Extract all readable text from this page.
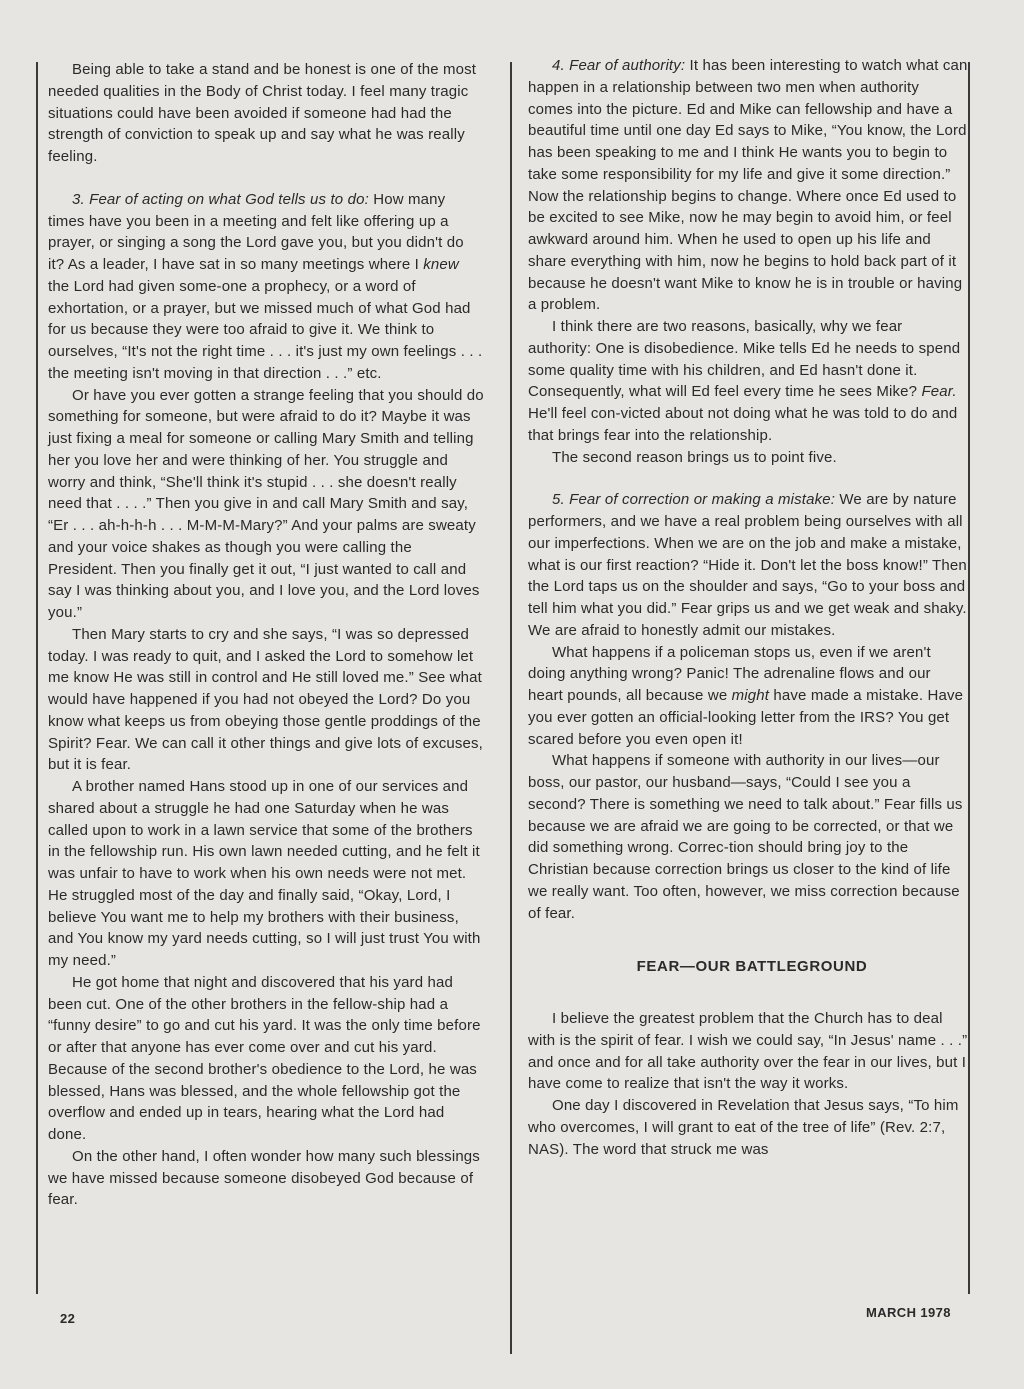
Being able to take a stand and be honest is one of the most needed qualities in the Body of Christ today. I feel many tragic situations could have been avoided if someone had had the strength of conviction to speak up and say what he was really feeling.

3. Fear of acting on what God tells us to do: How many times have you been in a meeting and felt like offering up a prayer, or singing a song the Lord gave you, but you didn't do it? As a leader, I have sat in so many meetings where I knew the Lord had given some-one a prophecy, or a word of exhortation, or a prayer, but we missed much of what God had for us because they were too afraid to give it. We think to ourselves, “It's not the right time . . . it's just my own feelings . . . the meeting isn't moving in that direction . . .” etc.

Or have you ever gotten a strange feeling that you should do something for someone, but were afraid to do it? Maybe it was just fixing a meal for someone or calling Mary Smith and telling her you love her and were thinking of her. You struggle and worry and think, “She'll think it's stupid . . . she doesn't really need that . . . .” Then you give in and call Mary Smith and say, “Er . . . ah-h-h-h . . . M-M-M-Mary?” And your palms are sweaty and your voice shakes as though you were calling the President. Then you finally get it out, “I just wanted to call and say I was thinking about you, and I love you, and the Lord loves you.”

Then Mary starts to cry and she says, “I was so depressed today. I was ready to quit, and I asked the Lord to somehow let me know He was still in control and He still loved me.” See what would have happened if you had not obeyed the Lord? Do you know what keeps us from obeying those gentle proddings of the Spirit? Fear. We can call it other things and give lots of excuses, but it is fear.

A brother named Hans stood up in one of our services and shared about a struggle he had one Saturday when he was called upon to work in a lawn service that some of the brothers in the fellowship run. His own lawn needed cutting, and he felt it was unfair to have to work when his own needs were not met. He struggled most of the day and finally said, “Okay, Lord, I believe You want me to help my brothers with their business, and You know my yard needs cutting, so I will just trust You with my need.”

He got home that night and discovered that his yard had been cut. One of the other brothers in the fellow-ship had a “funny desire” to go and cut his yard. It was the only time before or after that anyone has ever come over and cut his yard. Because of the second brother's obedience to the Lord, he was blessed, Hans was blessed, and the whole fellowship got the overflow and ended up in tears, hearing what the Lord had done.

On the other hand, I often wonder how many such blessings we have missed because someone disobeyed God because of fear.

4. Fear of authority: It has been interesting to watch what can happen in a relationship between two men when authority comes into the picture. Ed and Mike can fellowship and have a beautiful time until one day Ed says to Mike, “You know, the Lord has been speaking to me and I think He wants you to begin to take some responsibility for my life and give it some direction.” Now the relationship begins to change. Where once Ed used to be excited to see Mike, now he may begin to avoid him, or feel awkward around him. When he used to open up his life and share everything with him, now he begins to hold back part of it because he doesn't want Mike to know he is in trouble or having a problem.

I think there are two reasons, basically, why we fear authority: One is disobedience. Mike tells Ed he needs to spend some quality time with his children, and Ed hasn't done it. Consequently, what will Ed feel every time he sees Mike? Fear. He'll feel con-victed about not doing what he was told to do and that brings fear into the relationship.

The second reason brings us to point five.

5. Fear of correction or making a mistake: We are by nature performers, and we have a real problem being ourselves with all our imperfections. When we are on the job and make a mistake, what is our first reaction? “Hide it. Don't let the boss know!” Then the Lord taps us on the shoulder and says, “Go to your boss and tell him what you did.” Fear grips us and we get weak and shaky. We are afraid to honestly admit our mistakes.

What happens if a policeman stops us, even if we aren't doing anything wrong? Panic! The adrenaline flows and our heart pounds, all because we might have made a mistake. Have you ever gotten an official-looking letter from the IRS? You get scared before you even open it!

What happens if someone with authority in our lives—our boss, our pastor, our husband—says, “Could I see you a second? There is something we need to talk about.” Fear fills us because we are afraid we are going to be corrected, or that we did something wrong. Correc-tion should bring joy to the Christian because correction brings us closer to the kind of life we really want. Too often, however, we miss correction because of fear.

FEAR—OUR BATTLEGROUND

I believe the greatest problem that the Church has to deal with is the spirit of fear. I wish we could say, “In Jesus' name . . .” and once and for all take authority over the fear in our lives, but I have come to realize that isn't the way it works.

One day I discovered in Revelation that Jesus says, “To him who overcomes, I will grant to eat of the tree of life” (Rev. 2:7, NAS). The word that struck me was

22	MARCH 1978
